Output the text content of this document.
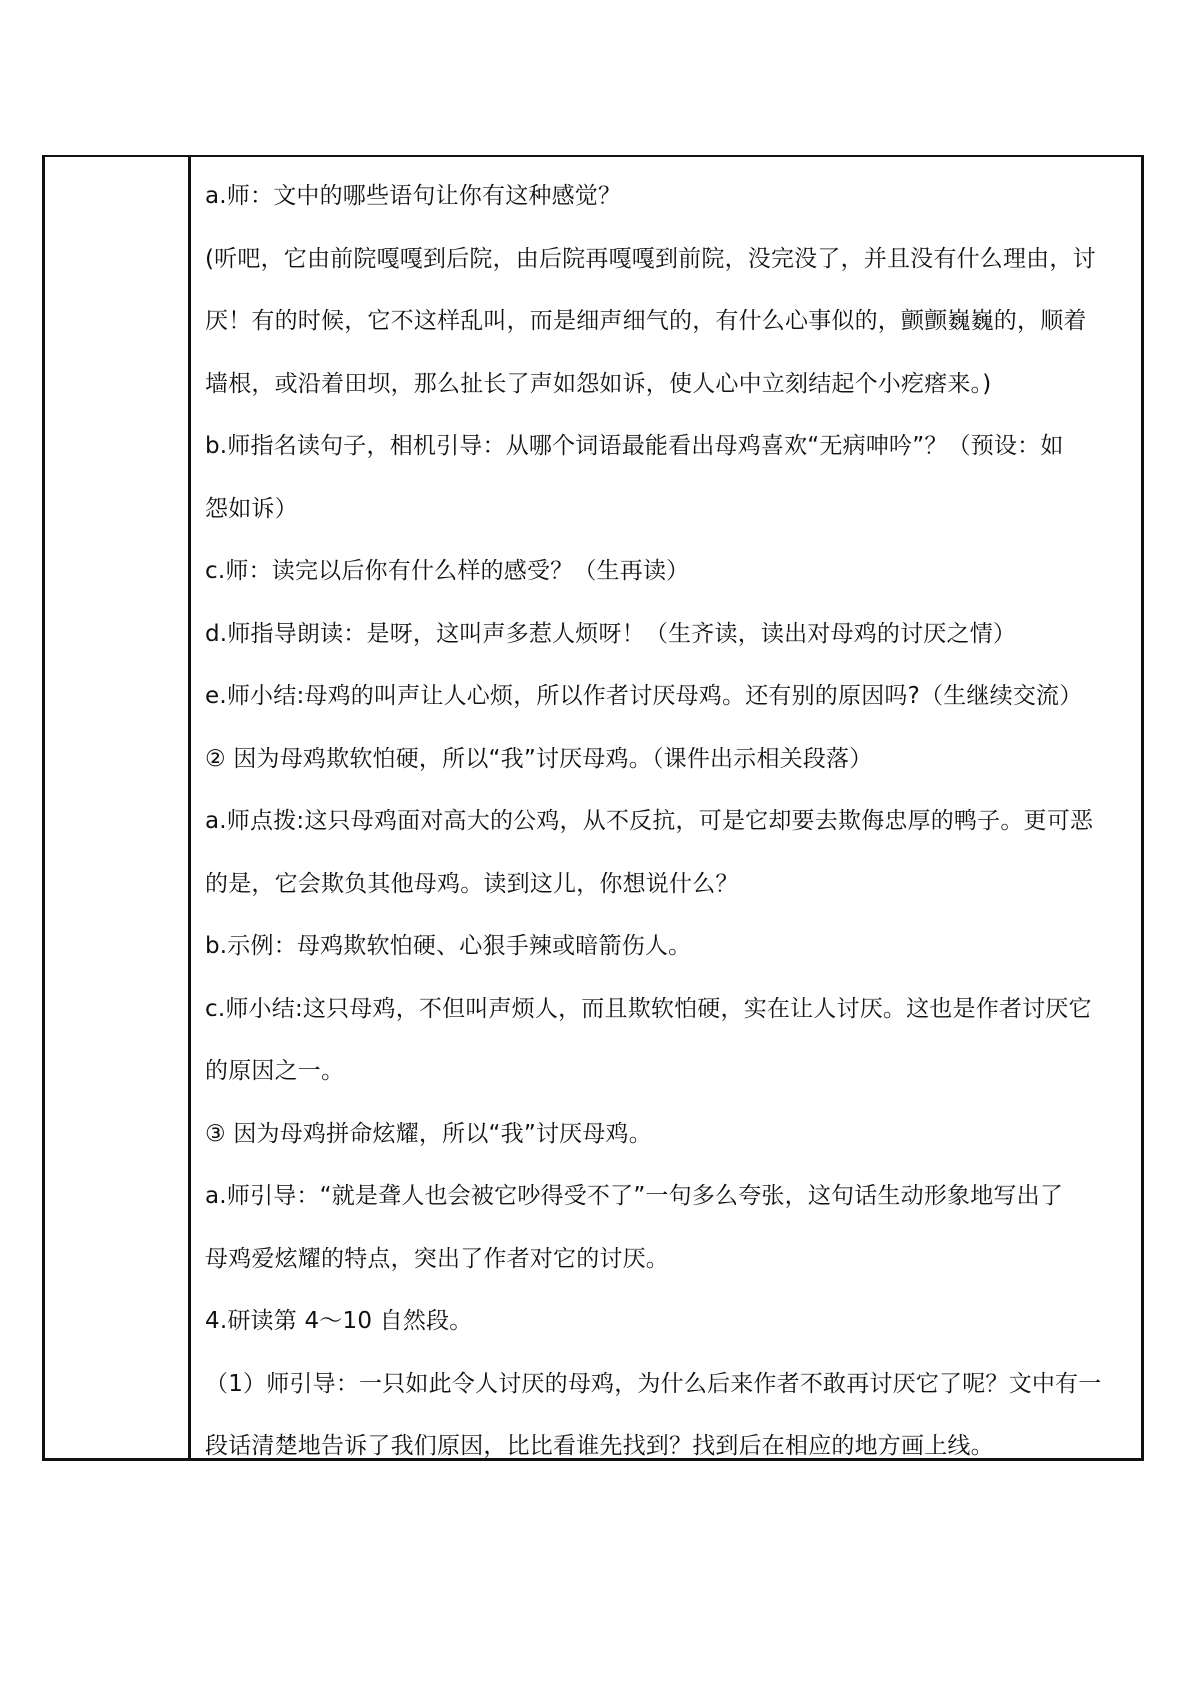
a.师：文中的哪些语句让你有这种感觉？
(听吧，它由前院嘎嘎到后院，由后院再嘎嘎到前院，没完没了，并且没有什么理由，讨
厌！有的时候，它不这样乱叫，而是细声细气的，有什么心事似的，颤颤巍巍的，顺着
墙根，或沿着田坝，那么扯长了声如怨如诉，使人心中立刻结起个小疙瘩来。)
b.师指名读句子，相机引导：从哪个词语最能看出母鸡喜欢“无病呻吟”？（预设：如
怨如诉）
c.师：读完以后你有什么样的感受？（生再读）
d.师指导朗读：是呀，这叫声多惹人烦呀！（生齐读，读出对母鸡的讨厌之情）
e.师小结:母鸡的叫声让人心烦，所以作者讨厌母鸡。还有别的原因吗?（生继续交流）
② 因为母鸡欺软怕硬，所以“我”讨厌母鸡。（课件出示相关段落）
a.师点拨:这只母鸡面对高大的公鸡，从不反抗，可是它却要去欺侮忠厚的鸭子。更可恶
的是，它会欺负其他母鸡。读到这儿，你想说什么？
b.示例：母鸡欺软怕硬、心狠手辣或暗箭伤人。
c.师小结:这只母鸡，不但叫声烦人，而且欺软怕硬，实在让人讨厌。这也是作者讨厌它
的原因之一。
③ 因为母鸡拼命炫耀，所以“我”讨厌母鸡。
a.师引导：“就是聋人也会被它吵得受不了”一句多么夸张，这句话生动形象地写出了
母鸡爱炫耀的特点，突出了作者对它的讨厌。
4.研读第 4～10 自然段。
（1）师引导：一只如此令人讨厌的母鸡，为什么后来作者不敢再讨厌它了呢？文中有一
段话清楚地告诉了我们原因，比比看谁先找到？找到后在相应的地方画上线。
